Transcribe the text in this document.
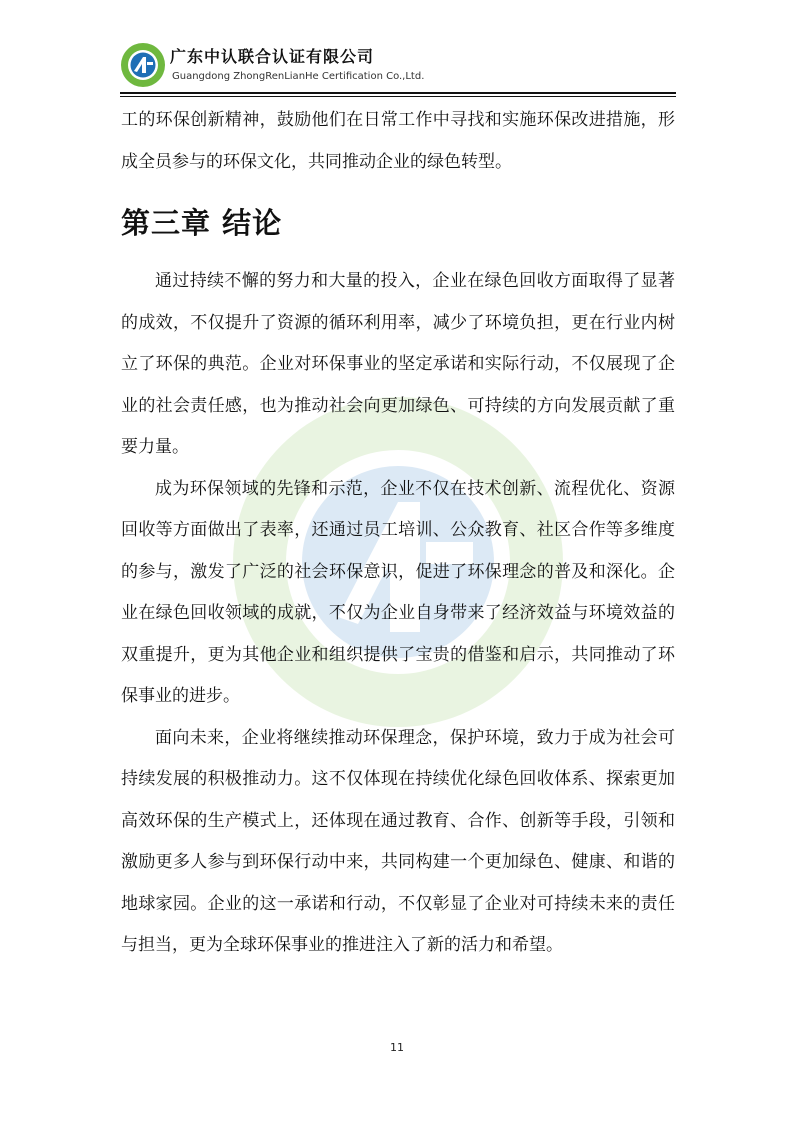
广东中认联合认证有限公司
Guangdong ZhongRenLianHe Certification Co.,Ltd.

工的环保创新精神，鼓励他们在日常工作中寻找和实施环保改进措施，形成全员参与的环保文化，共同推动企业的绿色转型。

第三章 结论

通过持续不懈的努力和大量的投入，企业在绿色回收方面取得了显著的成效，不仅提升了资源的循环利用率，减少了环境负担，更在行业内树立了环保的典范。企业对环保事业的坚定承诺和实际行动，不仅展现了企业的社会责任感，也为推动社会向更加绿色、可持续的方向发展贡献了重要力量。

成为环保领域的先锋和示范，企业不仅在技术创新、流程优化、资源回收等方面做出了表率，还通过员工培训、公众教育、社区合作等多维度的参与，激发了广泛的社会环保意识，促进了环保理念的普及和深化。企业在绿色回收领域的成就，不仅为企业自身带来了经济效益与环境效益的双重提升，更为其他企业和组织提供了宝贵的借鉴和启示，共同推动了环保事业的进步。

面向未来，企业将继续推动环保理念，保护环境，致力于成为社会可持续发展的积极推动力。这不仅体现在持续优化绿色回收体系、探索更加高效环保的生产模式上，还体现在通过教育、合作、创新等手段，引领和激励更多人参与到环保行动中来，共同构建一个更加绿色、健康、和谐的地球家园。企业的这一承诺和行动，不仅彰显了企业对可持续未来的责任与担当，更为全球环保事业的推进注入了新的活力和希望。

11
